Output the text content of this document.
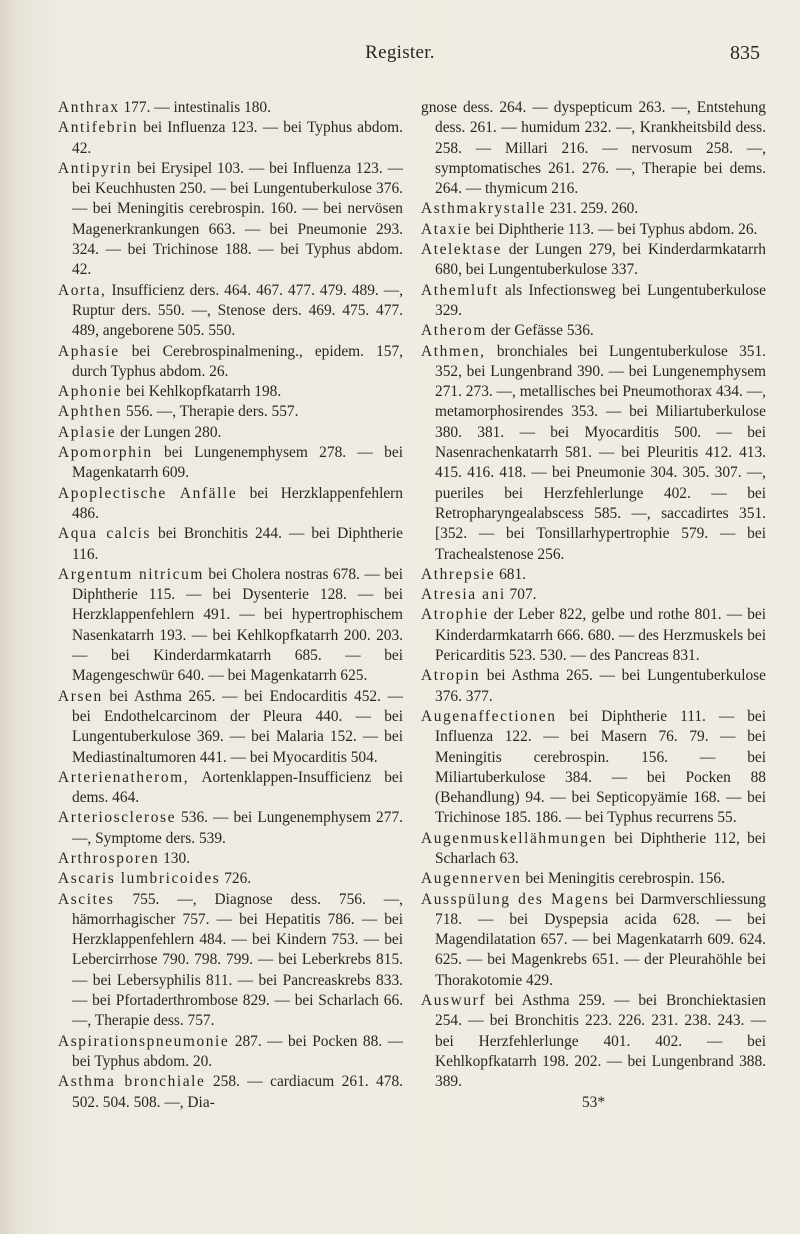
Register.	835

Anthrax 177. — intestinalis 180.

Antifebrin bei Influenza 123. — bei Typhus abdom. 42.

Antipyrin bei Erysipel 103. — bei Influenza 123. — bei Keuchhusten 250. — bei Lungentuberkulose 376. — bei Meningitis cerebrospin. 160. — bei nervösen Magenerkrankungen 663. — bei Pneumonie 293. 324. — bei Trichinose 188. — bei Typhus abdom. 42.

Aorta, Insufficienz ders. 464. 467. 477. 479. 489. —, Ruptur ders. 550. —, Stenose ders. 469. 475. 477. 489, angeborene 505. 550.

Aphasie bei Cerebrospinalmening., epidem. 157, durch Typhus abdom. 26.

Aphonie bei Kehlkopfkatarrh 198.

Aphthen 556. —, Therapie ders. 557.

Aplasie der Lungen 280.

Apomorphin bei Lungenemphysem 278. — bei Magenkatarrh 609.

Apoplectische Anfälle bei Herzklappenfehlern 486.

Aqua calcis bei Bronchitis 244. — bei Diphtherie 116.

Argentum nitricum bei Cholera nostras 678. — bei Diphtherie 115. — bei Dysenterie 128. — bei Herzklappenfehlern 491. — bei hypertrophischem Nasenkatarrh 193. — bei Kehlkopfkatarrh 200. 203. — bei Kinderdarmkatarrh 685. — bei Magengeschwür 640. — bei Magenkatarrh 625.

Arsen bei Asthma 265. — bei Endocarditis 452. — bei Endothelcarcinom der Pleura 440. — bei Lungentuberkulose 369. — bei Malaria 152. — bei Mediastinaltumoren 441. — bei Myocarditis 504.

Arterienatherom, Aortenklappen-Insufficienz bei dems. 464.

Arteriosclerose 536. — bei Lungenemphysem 277. —, Symptome ders. 539.

Arthrosporen 130.

Ascaris lumbricoides 726.

Ascites 755. —, Diagnose dess. 756. —, hämorrhagischer 757. — bei Hepatitis 786. — bei Herzklappenfehlern 484. — bei Kindern 753. — bei Lebercirrhose 790. 798. 799. — bei Leberkrebs 815. — bei Lebersyphilis 811. — bei Pancreaskrebs 833. — bei Pfortaderthrombose 829. — bei Scharlach 66. —, Therapie dess. 757.

Aspirationspneumonie 287. — bei Pocken 88. — bei Typhus abdom. 20.

Asthma bronchiale 258. — cardiacum 261. 478. 502. 504. 508. —, Dia-

gnose dess. 264. — dyspepticum 263. —, Entstehung dess. 261. — humidum 232. —, Krankheitsbild dess. 258. — Millari 216. — nervosum 258. —, symptomatisches 261. 276. —, Therapie bei dems. 264. — thymicum 216.

Asthmakrystalle 231. 259. 260.

Ataxie bei Diphtherie 113. — bei Typhus abdom. 26.

Atelektase der Lungen 279, bei Kinderdarmkatarrh 680, bei Lungentuberkulose 337.

Athemluft als Infectionsweg bei Lungentuberkulose 329.

Atherom der Gefässe 536.

Athmen, bronchiales bei Lungentuberkulose 351. 352, bei Lungenbrand 390. — bei Lungenemphysem 271. 273. —, metallisches bei Pneumothorax 434. —, metamorphosirendes 353. — bei Miliartuberkulose 380. 381. — bei Myocarditis 500. — bei Nasenrachenkatarrh 581. — bei Pleuritis 412. 413. 415. 416. 418. — bei Pneumonie 304. 305. 307. —, pueriles bei Herzfehlerlunge 402. — bei Retropharyngealabscess 585. —, saccadirtes 351.[352. — bei Tonsillarhypertrophie 579. — bei Trachealstenose 256.

Athrepsie 681.

Atresia ani 707.

Atrophie der Leber 822, gelbe und rothe 801. — bei Kinderdarmkatarrh 666. 680. — des Herzmuskels bei Pericarditis 523. 530. — des Pancreas 831.

Atropin bei Asthma 265. — bei Lungentuberkulose 376. 377.

Augenaffectionen bei Diphtherie 111. — bei Influenza 122. — bei Masern 76. 79. — bei Meningitis cerebrospin. 156. — bei Miliartuberkulose 384. — bei Pocken 88 (Behandlung) 94. — bei Septicopyämie 168. — bei Trichinose 185. 186. — bei Typhus recurrens 55.

Augenmuskellähmungen bei Diphtherie 112, bei Scharlach 63.

Augennerven bei Meningitis cerebrospin. 156.

Ausspülung des Magens bei Darmverschliessung 718. — bei Dyspepsia acida 628. — bei Magendilatation 657. — bei Magenkatarrh 609. 624. 625. — bei Magenkrebs 651. — der Pleurahöhle bei Thorakotomie 429.

Auswurf bei Asthma 259. — bei Bronchiektasien 254. — bei Bronchitis 223. 226. 231. 238. 243. — bei Herzfehlerlunge 401. 402. — bei Kehlkopfkatarrh 198. 202. — bei Lungenbrand 388. 389.

53*
